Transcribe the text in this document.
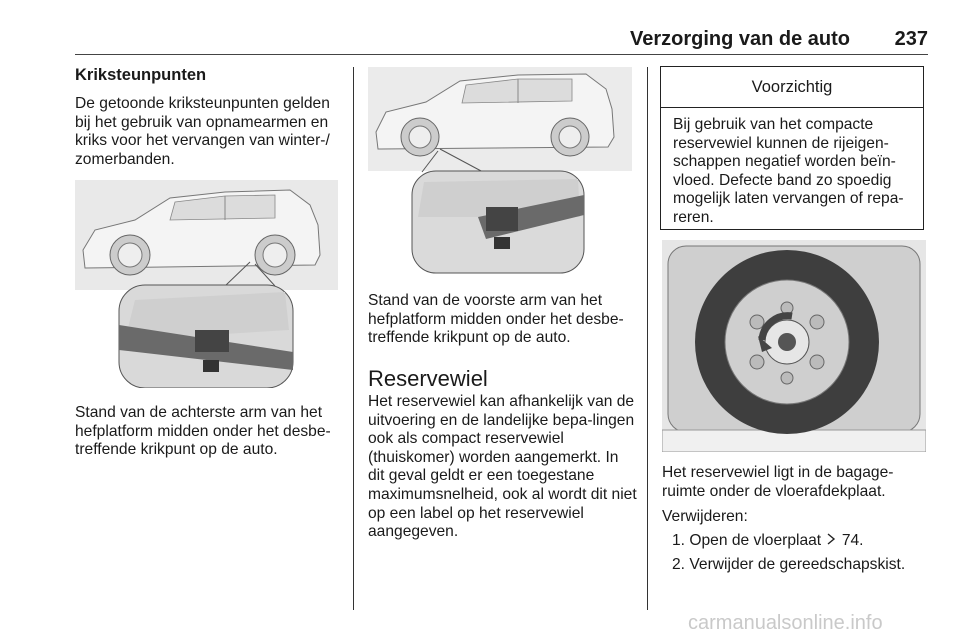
Verzorging van de auto	237
Kriksteunpunten
De getoonde kriksteunpunten gelden bij het gebruik van opnamearmen en kriks voor het vervangen van winter-/ zomerbanden.
Stand van de achterste arm van het hefplatform midden onder het desbe-treffende krikpunt op de auto.
Stand van de voorste arm van het hefplatform midden onder het desbe-treffende krikpunt op de auto.
Reservewiel
Het reservewiel kan afhankelijk van de uitvoering en de landelijke bepa-lingen ook als compact reservewiel (thuiskomer) worden aangemerkt. In dit geval geldt er een toegestane maximumsnelheid, ook al wordt dit niet op een label op het reservewiel aangegeven.
Voorzichtig
Bij gebruik van het compacte reservewiel kunnen de rijeigen-schappen negatief worden beïn-vloed. Defecte band zo spoedig mogelijk laten vervangen of repa-reren.
Het reservewiel ligt in de bagage-ruimte onder de vloerafdekplaat.
Verwijderen:
1. Open de vloerplaat 74.
2. Verwijder de gereedschapskist.
carmanualsonline.info
